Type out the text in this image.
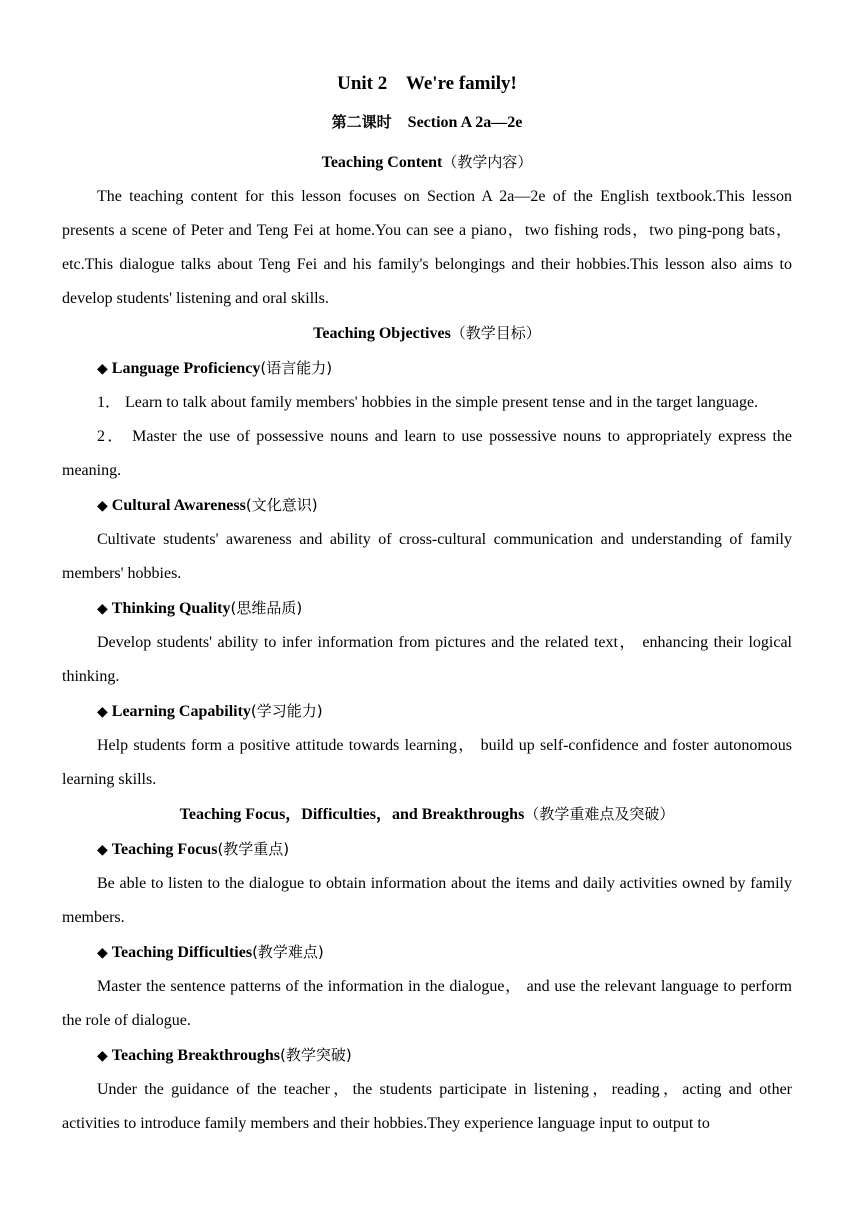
Unit 2    We're family!
第二课时 Section A 2a—2e
Teaching Content（教学内容）

The teaching content for this lesson focuses on Section A 2a—2e of the English textbook.This lesson presents a scene of Peter and Teng Fei at home.You can see a piano，two fishing rods，two ping-pong bats， etc.This dialogue talks about Teng Fei and his family's belongings and their hobbies.This lesson also aims to develop students' listening and oral skills.

Teaching Objectives（教学目标）
◆ Language Proficiency(语言能力)

1． Learn to talk about family members' hobbies in the simple present tense and in the target language.

2． Master the use of possessive nouns and learn to use possessive nouns to appropriately express the meaning.

◆ Cultural Awareness(文化意识)

Cultivate students' awareness and ability of cross-cultural communication and understanding of family members' hobbies.

◆ Thinking Quality(思维品质)

Develop students' ability to infer information from pictures and the related text， enhancing their logical thinking.

◆ Learning Capability(学习能力)

Help students form a positive attitude towards learning， build up self‐confidence and foster autonomous learning skills.

Teaching Focus，Difficulties，and Breakthroughs（教学重难点及突破）
◆ Teaching Focus(教学重点)

Be able to listen to the dialogue to obtain information about the items and daily activities owned by family members.

◆ Teaching Difficulties(教学难点)

Master the sentence patterns of the information in the dialogue， and use the relevant language to perform the role of dialogue.

◆ Teaching Breakthroughs(教学突破)

Under the guidance of the teacher，the students participate in listening，reading，acting and other activities to introduce family members and their hobbies.They experience language input to output to
